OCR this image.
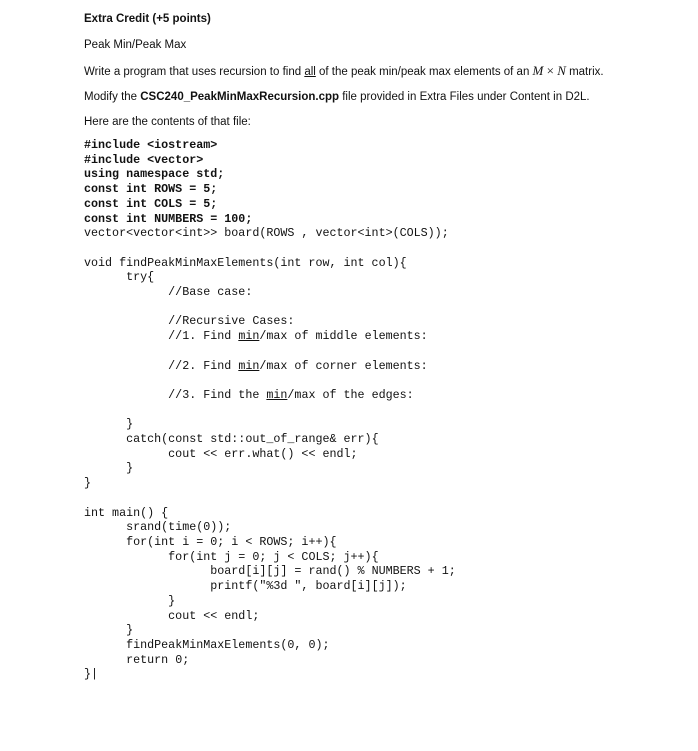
Extra Credit (+5 points)

Peak Min/Peak Max

Write a program that uses recursion to find all of the peak min/peak max elements of an M × N matrix.

Modify the CSC240_PeakMinMaxRecursion.cpp file provided in Extra Files under Content in D2L.

Here are the contents of that file:

#include <iostream>
#include <vector>
using namespace std;
const int ROWS = 5;
const int COLS = 5;
const int NUMBERS = 100;
vector<vector<int>> board(ROWS , vector<int>(COLS));

void findPeakMinMaxElements(int row, int col){
try{
//Base case:

//Recursive Cases:
//1. Find min/max of middle elements:

//2. Find min/max of corner elements:

//3. Find the min/max of the edges:

}
catch(const std::out_of_range& err){
cout << err.what() << endl;
}
}

int main() {
srand(time(0));
for(int i = 0; i < ROWS; i++){
for(int j = 0; j < COLS; j++){
board[i][j] = rand() % NUMBERS + 1;
printf("%3d ", board[i][j]);
}
cout << endl;
}
findPeakMinMaxElements(0, 0);
return 0;
}|
